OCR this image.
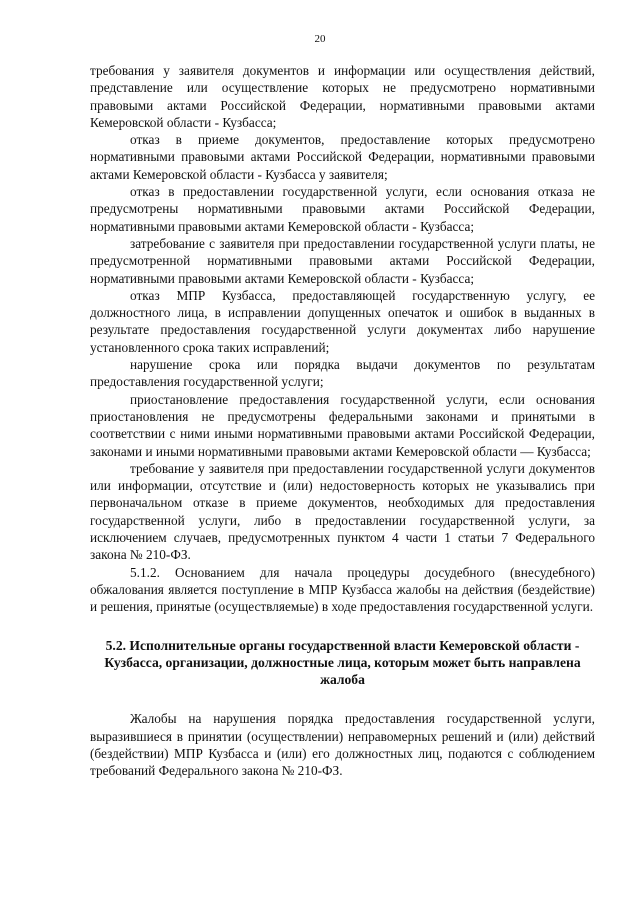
20

требования у заявителя документов и информации или осуществления действий, представление или осуществление которых не предусмотрено нормативными правовыми актами Российской Федерации, нормативными правовыми актами Кемеровской области - Кузбасса;

отказ в приеме документов, предоставление которых предусмотрено нормативными правовыми актами Российской Федерации, нормативными правовыми актами Кемеровской области - Кузбасса у заявителя;

отказ в предоставлении государственной услуги, если основания отказа не предусмотрены нормативными правовыми актами Российской Федерации, нормативными правовыми актами Кемеровской области - Кузбасса;

затребование с заявителя при предоставлении государственной услуги платы, не предусмотренной нормативными правовыми актами Российской Федерации, нормативными правовыми актами Кемеровской области - Кузбасса;

отказ МПР Кузбасса, предоставляющей государственную услугу, ее должностного лица, в исправлении допущенных опечаток и ошибок в выданных в результате предоставления государственной услуги документах либо нарушение установленного срока таких исправлений;

нарушение срока или порядка выдачи документов по результатам предоставления государственной услуги;

приостановление предоставления государственной услуги, если основания приостановления не предусмотрены федеральными законами и принятыми в соответствии с ними иными нормативными правовыми актами Российской Федерации, законами и иными нормативными правовыми актами Кемеровской области — Кузбасса;

требование у заявителя при предоставлении государственной услуги документов или информации, отсутствие и (или) недостоверность которых не указывались при первоначальном отказе в приеме документов, необходимых для предоставления государственной услуги, либо в предоставлении государственной услуги, за исключением случаев, предусмотренных пунктом 4 части 1 статьи 7 Федерального закона № 210-ФЗ.

5.1.2. Основанием для начала процедуры досудебного (внесудебного) обжалования является поступление в МПР Кузбасса жалобы на действия (бездействие) и решения, принятые (осуществляемые) в ходе предоставления государственной услуги.

5.2. Исполнительные органы государственной власти Кемеровской области - Кузбасса, организации, должностные лица, которым может быть направлена жалоба

Жалобы на нарушения порядка предоставления государственной услуги, выразившиеся в принятии (осуществлении) неправомерных решений и (или) действий (бездействии) МПР Кузбасса и (или) его должностных лиц, подаются с соблюдением требований Федерального закона № 210-ФЗ.
